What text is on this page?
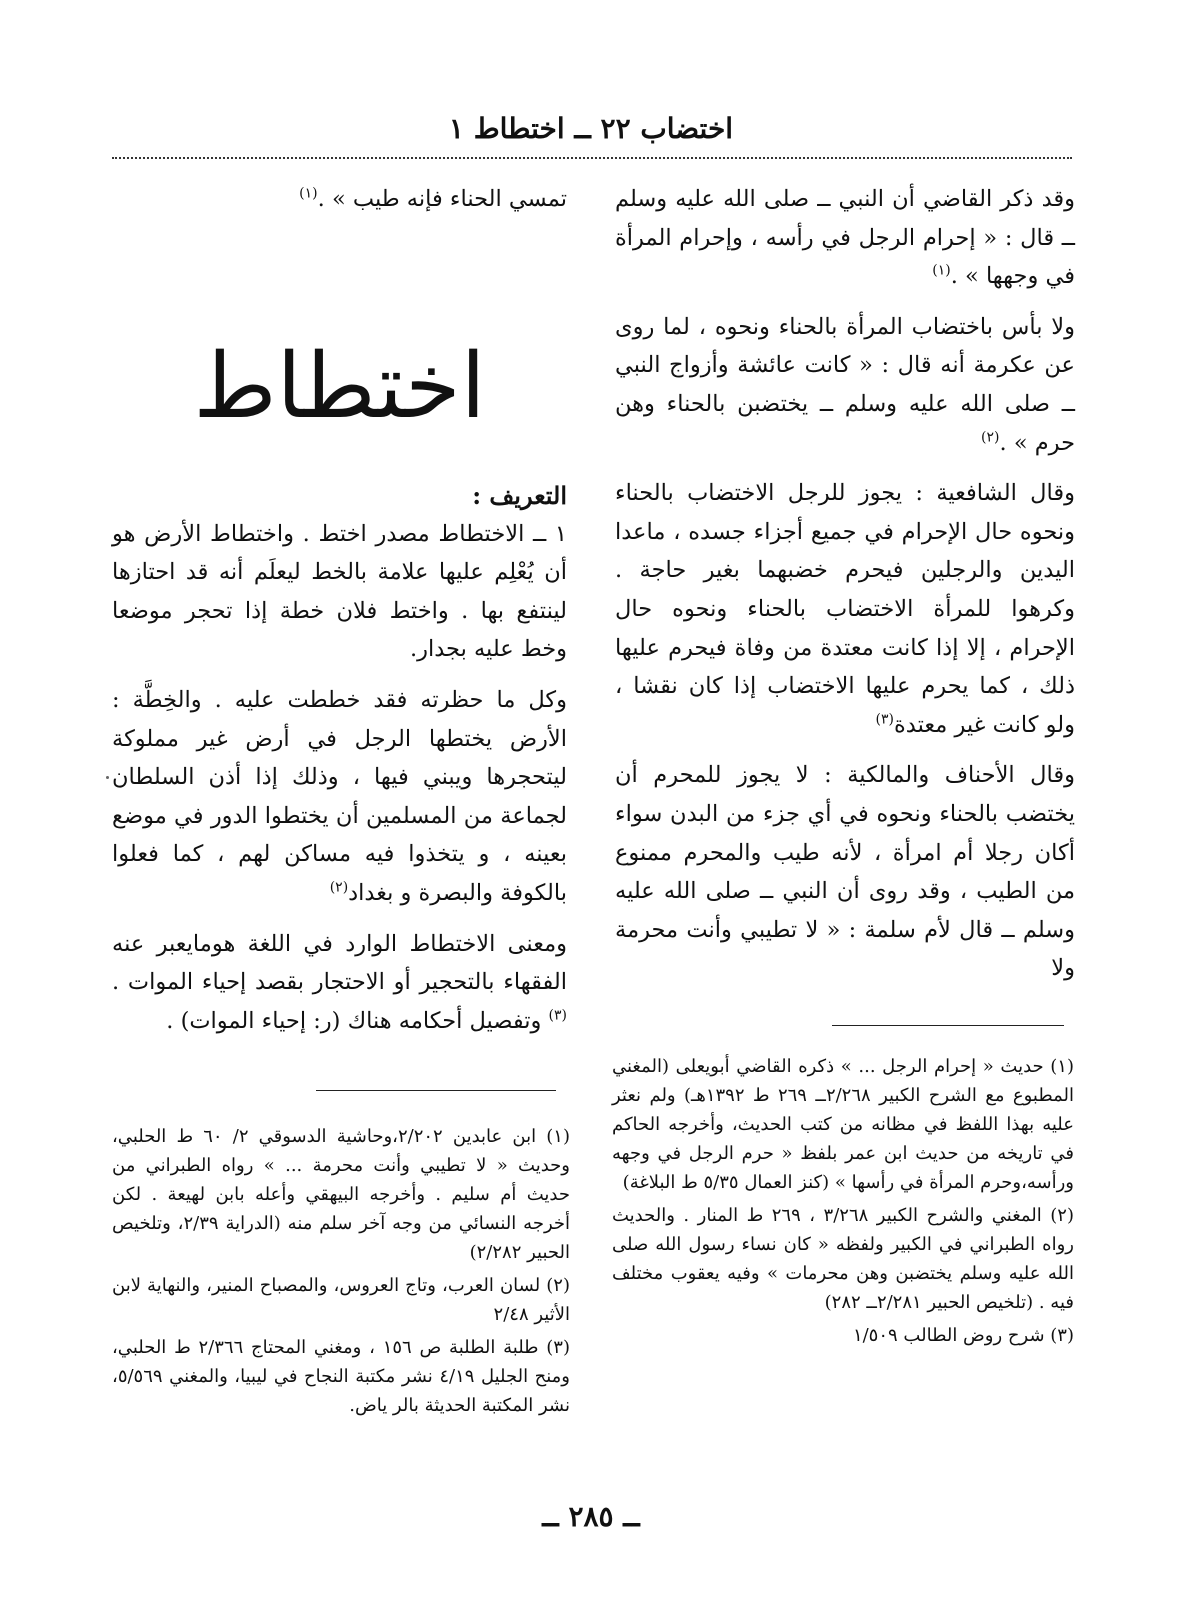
اختضاب ٢٢ ــ اختطاط ١

وقد ذكر القاضي أن النبي ــ صلى الله عليه وسلم ــ قال : « إحرام الرجل في رأسه ، وإحرام المرأة في وجهها » .$^{(١)}$

ولا بأس باختضاب المرأة بالحناء ونحوه ، لما روى عن عكرمة أنه قال : « كانت عائشة وأزواج النبي ــ صلى الله عليه وسلم ــ يختضبن بالحناء وهن حرم » .$^{(٢)}$

وقال الشافعية : يجوز للرجل الاختضاب بالحناء ونحوه حال الإحرام في جميع أجزاء جسده ، ماعدا اليدين والرجلين فيحرم خضبهما بغير حاجة . وكرهوا للمرأة الاختضاب بالحناء ونحوه حال الإحرام ، إلا إذا كانت معتدة من وفاة فيحرم عليها ذلك ، كما يحرم عليها الاختضاب إذا كان نقشا ، ولو كانت غير معتدة$^{(٣)}$

وقال الأحناف والمالكية : لا يجوز للمحرم أن يختضب بالحناء ونحوه في أي جزء من البدن سواء أكان رجلا أم امرأة ، لأنه طيب والمحرم ممنوع من الطيب ، وقد روى أن النبي ــ صلى الله عليه وسلم ــ قال لأم سلمة : « لا تطيبي وأنت محرمة ولا

(١) حديث « إحرام الرجل ... » ذكره القاضي أبويعلى (المغني المطبوع مع الشرح الكبير ٢/٢٦٨ــ ٢٦٩ ط ١٣٩٢هـ) ولم نعثر عليه بهذا اللفظ في مظانه من كتب الحديث، وأخرجه الحاكم في تاريخه من حديث ابن عمر بلفظ « حرم الرجل في وجهه ورأسه،وحرم المرأة في رأسها » (كنز العمال ٥/٣٥ ط البلاغة)

(٢) المغني والشرح الكبير ٣/٢٦٨ ، ٢٦٩ ط المنار . والحديث رواه الطبراني في الكبير ولفظه « كان نساء رسول الله صلى الله عليه وسلم يختضبن وهن محرمات » وفيه يعقوب مختلف فيه . (تلخيص الحبير ٢/٢٨١ــ ٢٨٢)

(٣) شرح روض الطالب ١/٥٠٩

تمسي الحناء فإنه طيب » .$^{(١)}$

اختطاط

التعريف :

١ ــ الاختطاط مصدر اختط . واختطاط الأرض هو أن يُعْلِم عليها علامة بالخط ليعلَم أنه قد احتازها لينتفع بها . واختط فلان خطة إذا تحجر موضعا وخط عليه بجدار.

وكل ما حظرته فقد خططت عليه . والخِطَّة : الأرض يختطها الرجل في أرض غير مملوكة ليتحجرها ويبني فيها ، وذلك إذا أذن السلطان لجماعة من المسلمين أن يختطوا الدور في موضع بعينه ، و يتخذوا فيه مساكن لهم ، كما فعلوا بالكوفة والبصرة و بغداد$^{(٢)}$

ومعنى الاختطاط الوارد في اللغة هومايعبر عنه الفقهاء بالتحجير أو الاحتجار بقصد إحياء الموات .$^{(٣)}$ وتفصيل أحكامه هناك (ر: إحياء الموات) .

(١) ابن عابدين ٢/٢٠٢،وحاشية الدسوقي ٢/ ٦٠ ط الحلبي، وحديث « لا تطيبي وأنت محرمة ... » رواه الطبراني من حديث أم سليم . وأخرجه البيهقي وأعله بابن لهيعة . لكن أخرجه النسائي من وجه آخر سلم منه (الدراية ٢/٣٩، وتلخيص الحبير ٢/٢٨٢)

(٢) لسان العرب، وتاج العروس، والمصباح المنير، والنهاية لابن الأثير ٢/٤٨

(٣) طلبة الطلبة ص ١٥٦ ، ومغني المحتاج ٢/٣٦٦ ط الحلبي، ومنح الجليل ٤/١٩ نشر مكتبة النجاح في ليبيا، والمغني ٥/٥٦٩، نشر المكتبة الحديثة بالر ياض.

ــ ٢٨٥ ــ
